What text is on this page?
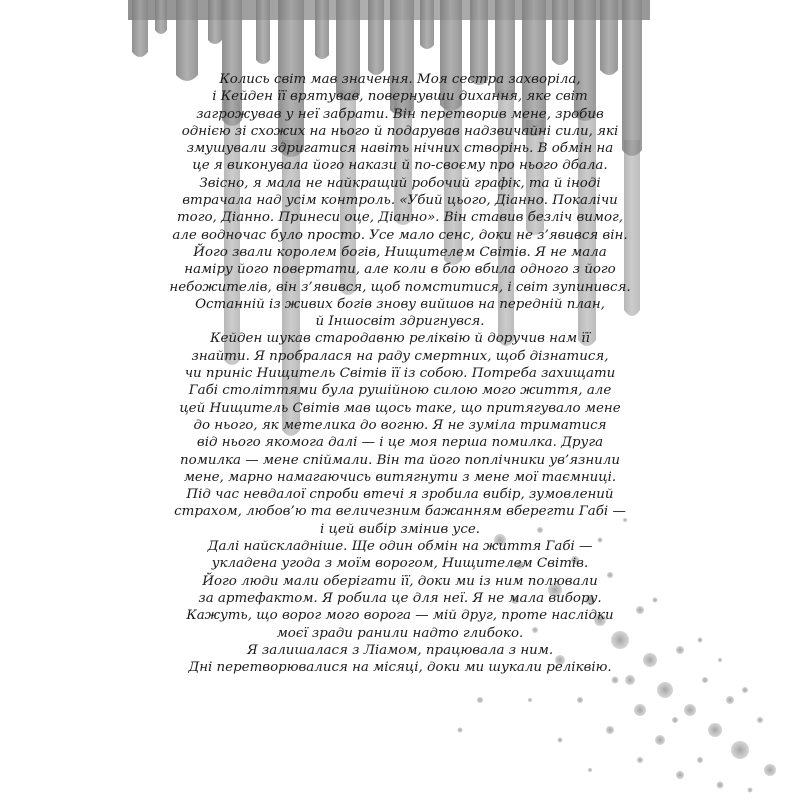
Колись світ мав значення. Моя сестра захворіла,
і Кейден її врятував, повернувши дихання, яке світ
загрожував у неї забрати. Він перетворив мене, зробив
однією зі схожих на нього й подарував надзвичайні сили, які
змушували здригатися навіть нічних створінь. В обмін на
це я виконувала його накази й по-своєму про нього дбала.
Звісно, я мала не найкращий робочий графік, та й іноді
втрачала над усім контроль. «Убий цього, Діанно. Покалічи
того, Діанно. Принеси оце, Діанно». Він ставив безліч вимог,
але водночас було просто. Усе мало сенс, доки не з’явився він.
Його звали королем богів, Нищителем Світів. Я не мала
наміру його повертати, але коли в бою вбила одного з його
небожителів, він з’явився, щоб помститися, і світ зупинився.
Останній із живих богів знову вийшов на передній план,
й Іншосвіт здригнувся.
Кейден шукав стародавню реліквію й доручив нам її
знайти. Я пробралася на раду смертних, щоб дізнатися,
чи приніс Нищитель Світів її із собою. Потреба захищати
Габі століттями була рушійною силою мого життя, але
цей Нищитель Світів мав щось таке, що притягувало мене
до нього, як метелика до вогню. Я не зуміла триматися
від нього якомога далі — і це моя перша помилка. Друга
помилка — мене спіймали. Він та його поплічники ув’язнили
мене, марно намагаючись витягнути з мене мої таємниці.
Під час невдалої спроби втечі я зробила вибір, зумовлений
страхом, любов’ю та величезним бажанням вберегти Габі —
і цей вибір змінив усе.
Далі найскладніше. Ще один обмін на життя Габі —
укладена угода з моїм ворогом, Нищителем Світів.
Його люди мали оберігати її, доки ми із ним полювали
за артефактом. Я робила це для неї. Я не мала вибору.
Кажуть, що ворог мого ворога — мій друг, проте наслідки
моєї зради ранили надто глибоко.
Я залишалася з Ліамом, працювала з ним.
Дні перетворювалися на місяці, доки ми шукали реліквію.
